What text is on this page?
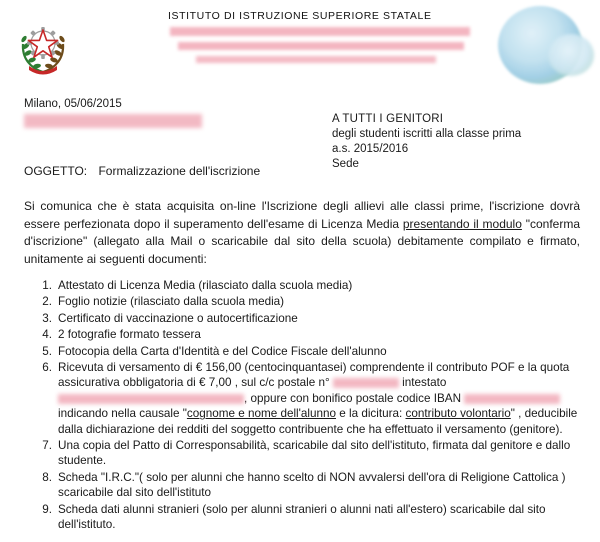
ISTITUTO DI ISTRUZIONE SUPERIORE STATALE
Milano, 05/06/2015
A TUTTI I GENITORI
degli studenti iscritti alla classe prima
a.s. 2015/2016
Sede
OGGETTO: Formalizzazione dell'iscrizione
Si comunica che è stata acquisita on-line l'Iscrizione degli allievi alle classi prime, l'iscrizione dovrà essere perfezionata dopo il superamento dell'esame di Licenza Media presentando il modulo "conferma d'iscrizione" (allegato alla Mail o scaricabile dal sito della scuola) debitamente compilato e firmato, unitamente ai seguenti documenti:
1. Attestato di Licenza Media (rilasciato dalla scuola media)
2. Foglio notizie (rilasciato dalla scuola media)
3. Certificato di vaccinazione o autocertificazione
4. 2 fotografie formato tessera
5. Fotocopia della Carta d'Identità e del Codice Fiscale dell'alunno
6. Ricevuta di versamento di € 156,00 (centocinquantasei) comprendente il contributo POF e la quota assicurativa obbligatoria di € 7,00 , sul c/c postale n°	intestato , oppure con bonifico postale codice IBAN  indicando nella causale "cognome e nome dell'alunno e la dicitura: contributo volontario" , deducibile dalla dichiarazione dei redditi del soggetto contribuente che ha effettuato il versamento (genitore).
7. Una copia del Patto di Corresponsabilità, scaricabile dal sito dell'istituto, firmata dal genitore e dallo studente.
8. Scheda "I.R.C."( solo per alunni che hanno scelto di NON avvalersi dell'ora di Religione Cattolica ) scaricabile dal sito dell'istituto
9. Scheda dati alunni stranieri (solo per alunni stranieri o alunni nati all'estero) scaricabile dal sito dell'istituto.
